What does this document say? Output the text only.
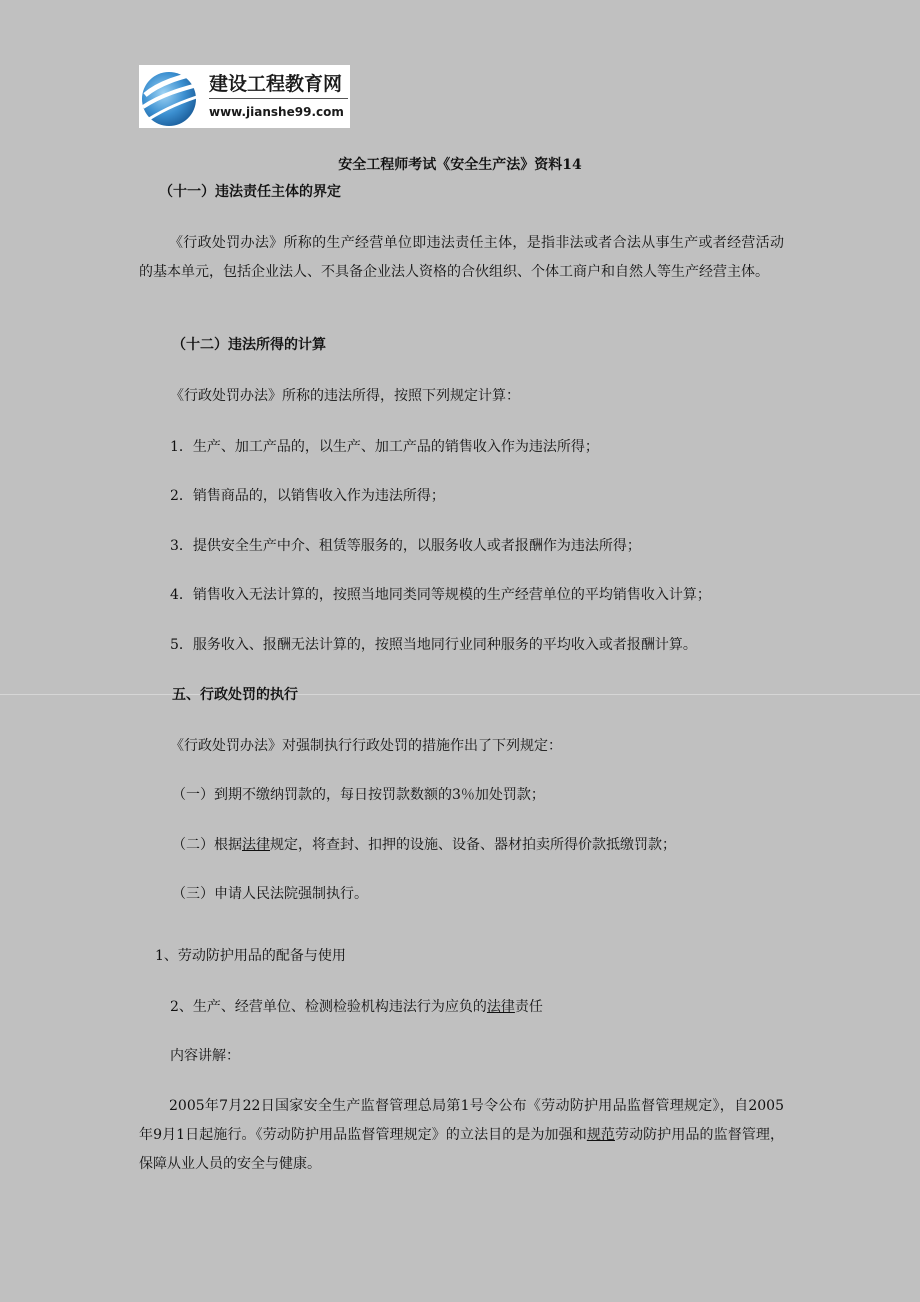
建设工程教育网
www.jianshe99.com
安全工程师考试《安全生产法》资料14
（十一）违法责任主体的界定
《行政处罚办法》所称的生产经营单位即违法责任主体，是指非法或者合法从事生产或者经营活动的基本单元，包括企业法人、不具备企业法人资格的合伙组织、个体工商户和自然人等生产经营主体。
（十二）违法所得的计算
《行政处罚办法》所称的违法所得，按照下列规定计算：
1．生产、加工产品的，以生产、加工产品的销售收入作为违法所得；
2．销售商品的，以销售收入作为违法所得；
3．提供安全生产中介、租赁等服务的，以服务收人或者报酬作为违法所得；
4．销售收入无法计算的，按照当地同类同等规模的生产经营单位的平均销售收入计算；
5．服务收入、报酬无法计算的，按照当地同行业同种服务的平均收入或者报酬计算。
五、行政处罚的执行
《行政处罚办法》对强制执行行政处罚的措施作出了下列规定：
（一）到期不缴纳罚款的，每日按罚款数额的3％加处罚款；
（二）根据法律规定，将查封、扣押的设施、设备、器材拍卖所得价款抵缴罚款；
（三）申请人民法院强制执行。
1、劳动防护用品的配备与使用
2、生产、经营单位、检测检验机构违法行为应负的法律责任
内容讲解：
2005年7月22日国家安全生产监督管理总局第1号令公布《劳动防护用品监督管理规定》，自2005年9月1日起施行。《劳动防护用品监督管理规定》的立法目的是为加强和规范劳动防护用品的监督管理，保障从业人员的安全与健康。
